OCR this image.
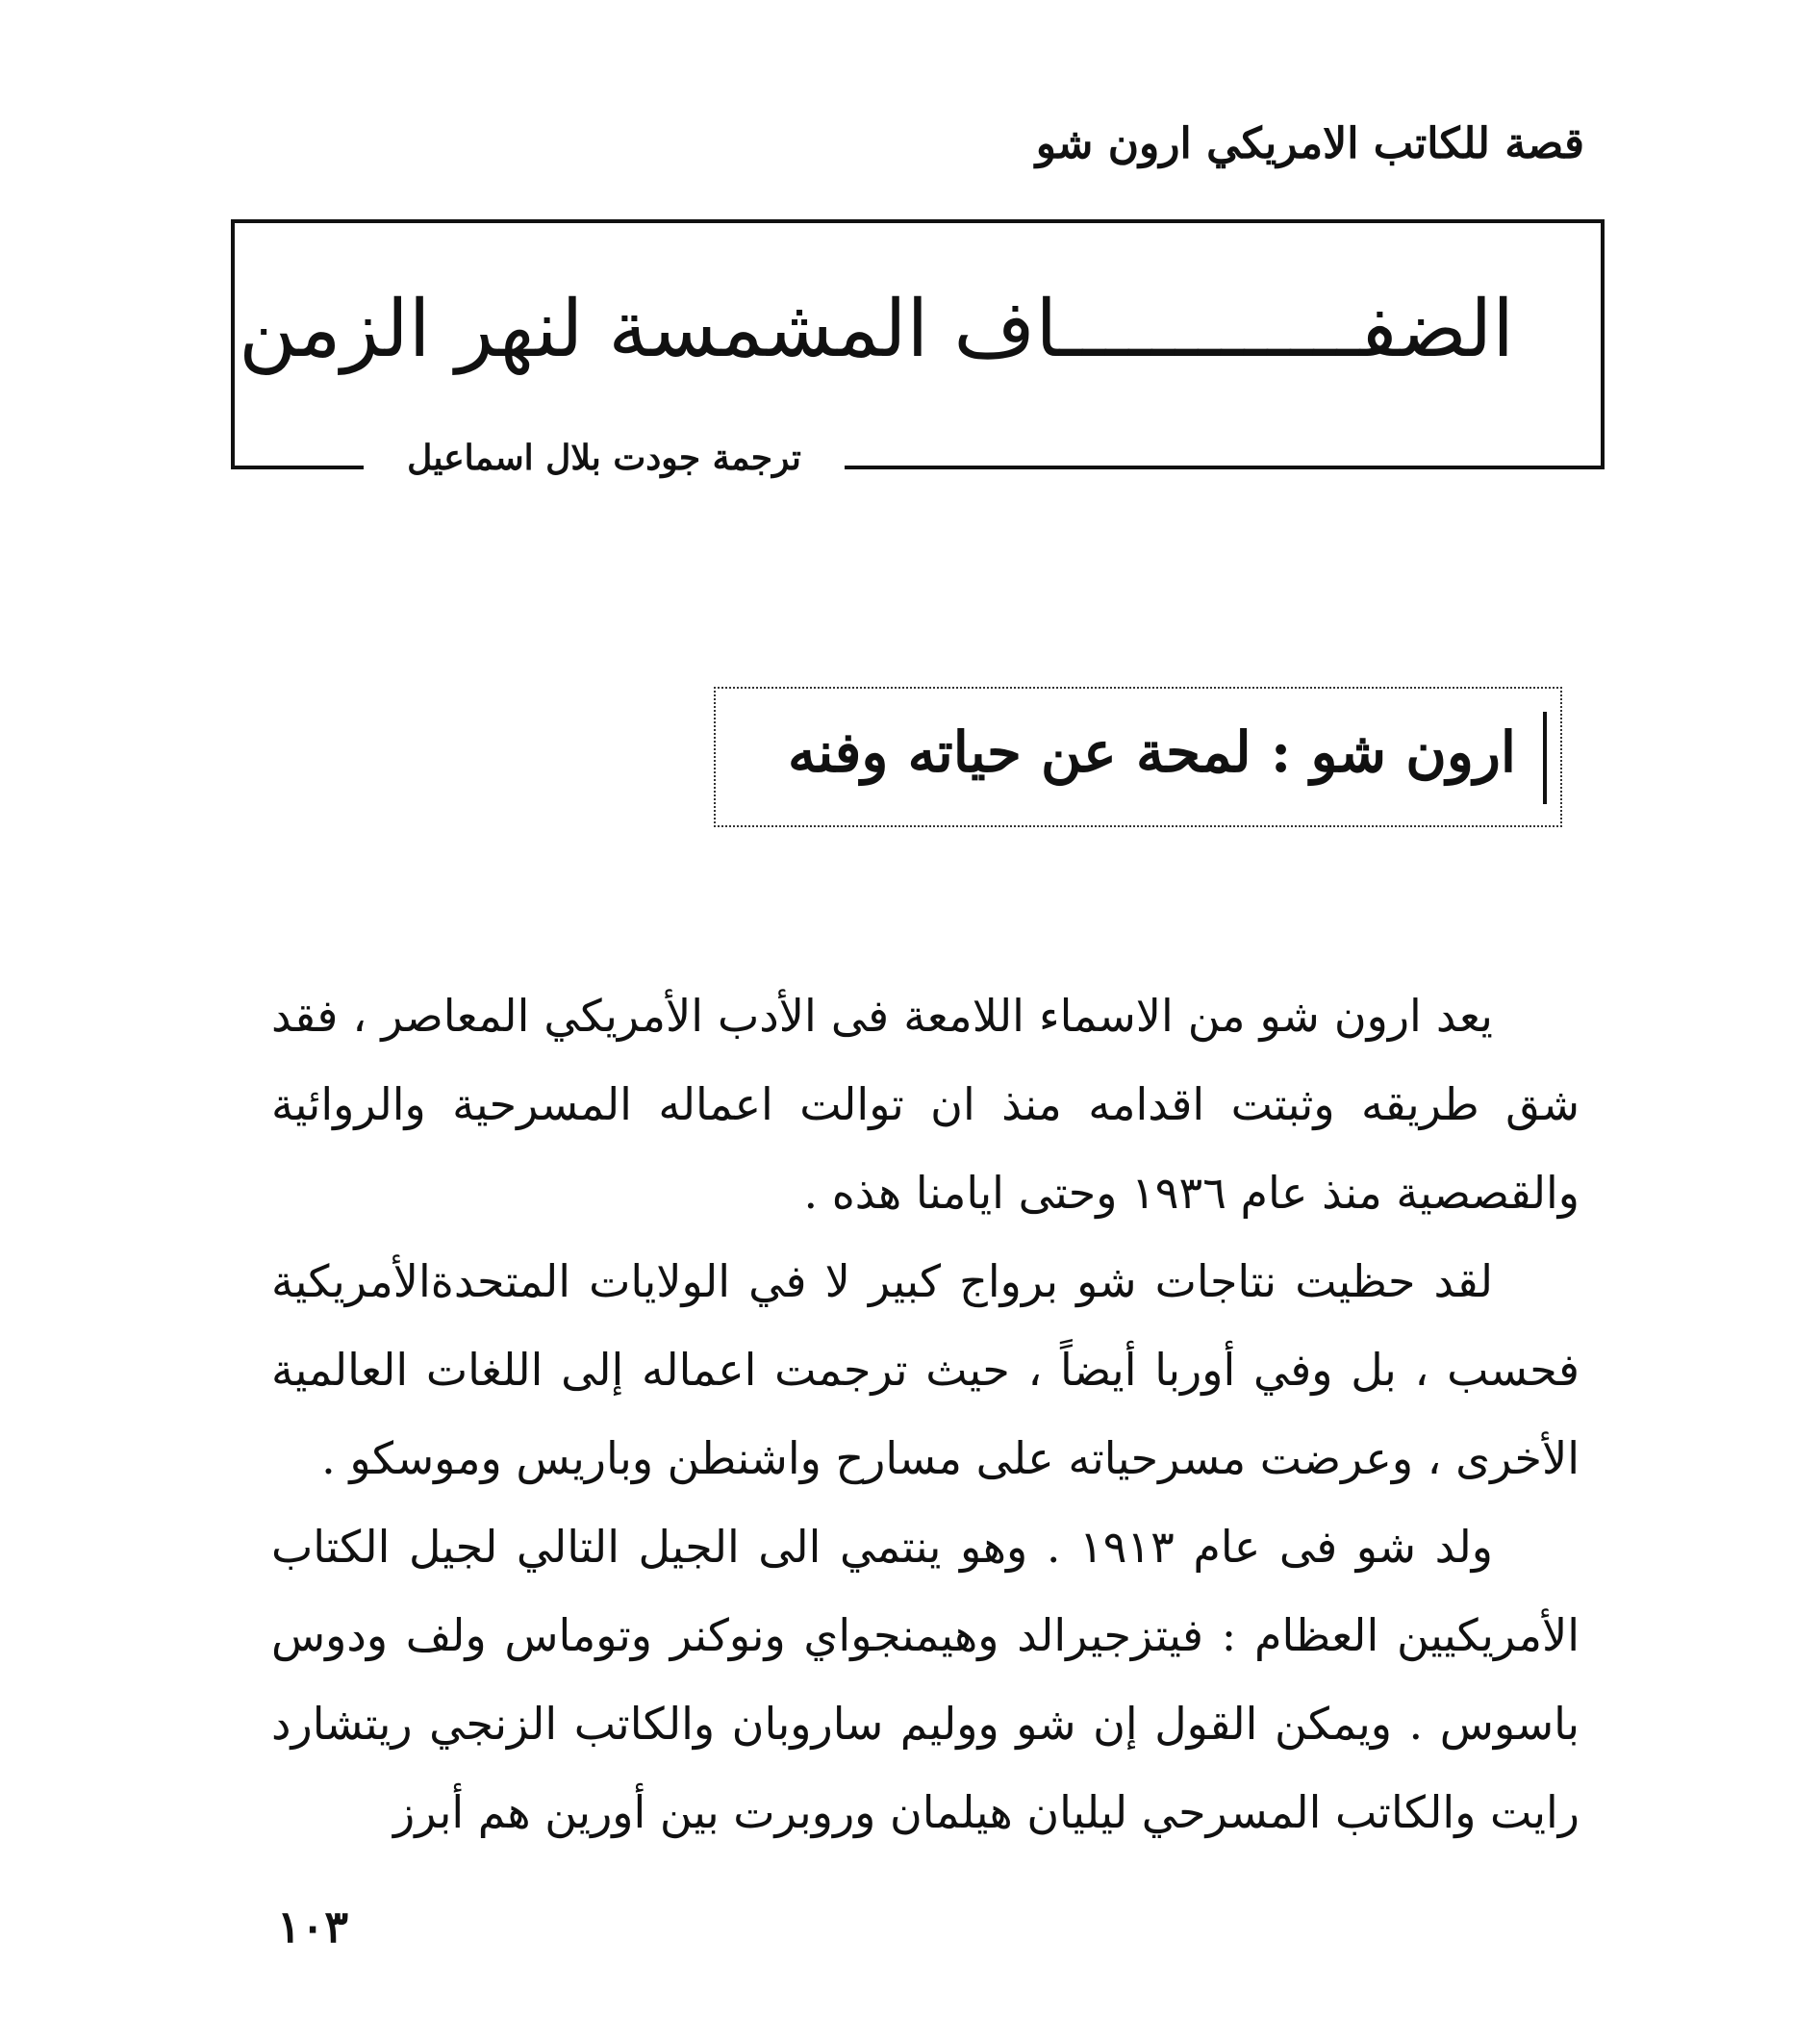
قصة للكاتب الامريكي ارون شو
الضفـــــــــــــاف المشمسة لنهر الزمن
ترجمة جودت بلال اسماعيل
ارون شو : لمحة عن حياته وفنه

يعد ارون شو من الاسماء اللامعة فى الأدب الأمريكي المعاصر ، فقد شق طريقه وثبتت اقدامه منذ ان توالت اعماله المسرحية والروائية والقصصية منذ عام ١٩٣٦ وحتى ايامنا هذه .

لقد حظيت نتاجات شو برواج كبير لا في الولايات المتحدةالأمريكية فحسب ، بل وفي أوربا أيضاً ، حيث ترجمت اعماله إلى اللغات العالمية الأخرى ، وعرضت مسرحياته على مسارح واشنطن وباريس وموسكو .

ولد شو فى عام ١٩١٣ . وهو ينتمي الى الجيل التالي لجيل الكتاب الأمريكيين العظام : فيتزجيرالد وهيمنجواي ونوكنر وتوماس ولف ودوس باسوس . ويمكن القول إن شو ووليم ساروبان والكاتب الزنجي ريتشارد رايت والكاتب المسرحي ليليان هيلمان وروبرت بين أورين هم أبرز

١٠٣
